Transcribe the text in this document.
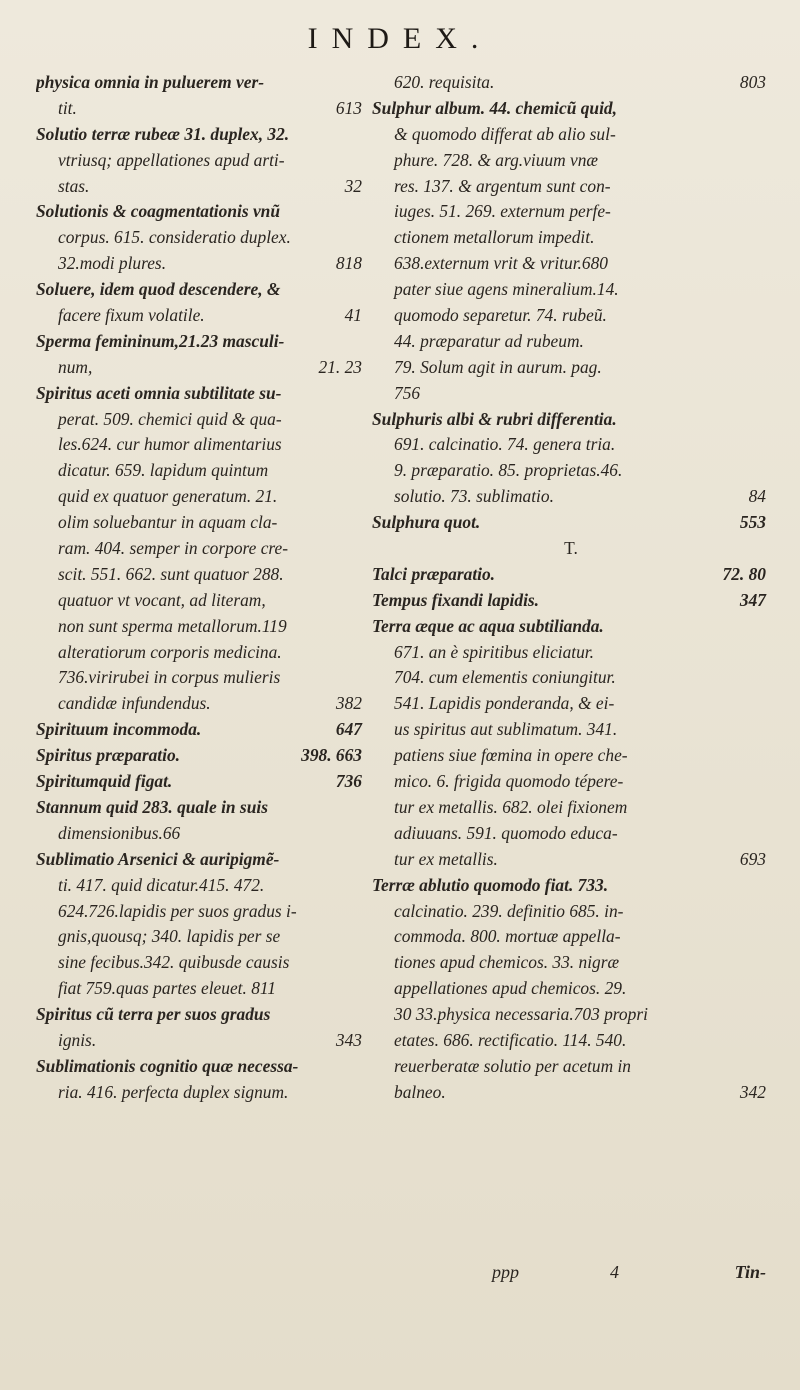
INDEX.
physica omnia in puluerem ver-
613
tit.
Solutio terræ rubeæ 31. duplex, 32.
vtriusq; appellationes apud arti-
32
stas.
Solutionis & coagmentationis vnũ
corpus. 615. consideratio duplex.
818
32.modi plures.
Soluere, idem quod descendere, &
41
facere fixum volatile.
Sperma femininum,21.23 masculi-
21. 23
num,
Spiritus aceti omnia subtilitate su-
perat. 509. chemici quid & qua-
les.624. cur humor alimentarius
dicatur. 659. lapidum quintum
quid ex quatuor generatum. 21.
olim soluebantur in aquam cla-
ram. 404. semper in corpore cre-
scit. 551. 662. sunt quatuor 288.
quatuor vt vocant, ad literam,
non sunt sperma metallorum.119
alteratiorum corporis medicina.
736.virirubei in corpus mulieris
382
candidæ infundendus.
647
Spirituum incommoda.
398. 663
Spiritus præparatio.
736
Spiritumquid figat.
Stannum quid 283. quale in suis
dimensionibus.66
Sublimatio Arsenici & auripigmẽ-
ti. 417. quid dicatur.415. 472.
624.726.lapidis per suos gradus i-
gnis,quousq; 340. lapidis per se
sine fecibus.342. quibusde causis
fiat 759.quas partes eleuet. 811
Spiritus cũ terra per suos gradus
343
ignis.
Sublimationis cognitio quæ necessa-
ria. 416. perfecta duplex signum.
803
620. requisita.
Sulphur album. 44. chemicũ quid,
& quomodo differat ab alio sul-
phure. 728. & arg.viuum vnæ
res. 137. & argentum sunt con-
iuges. 51. 269. externum perfe-
ctionem metallorum impedit.
638.externum vrit & vritur.680
pater siue agens mineralium.14.
quomodo separetur. 74. rubeũ.
44. præparatur ad rubeum.
79. Solum agit in aurum. pag.
756
Sulphuris albi & rubri differentia.
691. calcinatio. 74. genera tria.
9. præparatio. 85. proprietas.46.
84
solutio. 73. sublimatio.
553
Sulphura quot.
T.
72. 80
Talci præparatio.
347
Tempus fixandi lapidis.
Terra æque ac aqua subtilianda.
671. an è spiritibus eliciatur.
704. cum elementis coniungitur.
541. Lapidis ponderanda, & ei-
us spiritus aut sublimatum. 341.
patiens siue fœmina in opere che-
mico. 6. frigida quomodo tépere-
tur ex metallis. 682. olei fixionem
adiuuans. 591. quomodo educa-
693
tur ex metallis.
Terræ ablutio quomodo fiat. 733.
calcinatio. 239. definitio 685. in-
commoda. 800. mortuæ appella-
tiones apud chemicos. 33. nigræ
appellationes apud chemicos. 29.
30 33.physica necessaria.703 propri
etates. 686. rectificatio. 114. 540.
reuerberatæ solutio per acetum in
342
balneo.
ppp	4	Tin-
